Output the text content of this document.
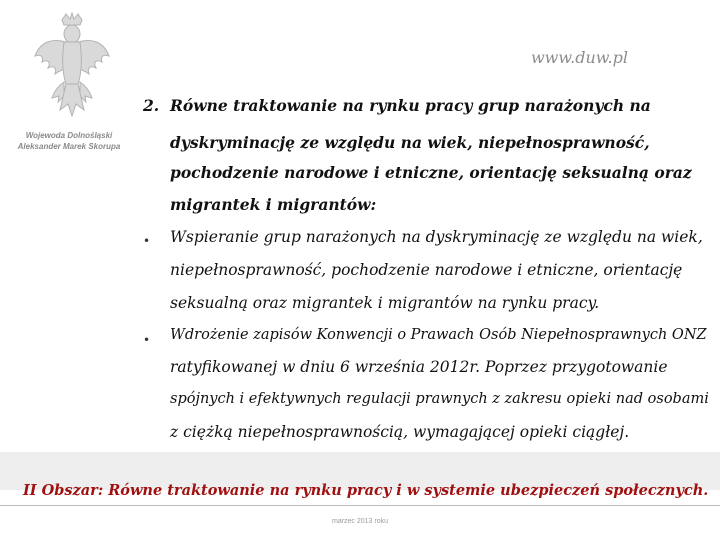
Wojewoda Dolnośląski
Aleksander Marek Skorupa
www.duw.pl
2. Równe traktowanie na rynku pracy grup narażonych na
dyskryminację ze względu na wiek, niepełnosprawność,
pochodzenie narodowe i etniczne, orientację seksualną oraz
migrantek i migrantów:
• Wspieranie grup narażonych na dyskryminację ze względu na wiek,
niepełnosprawność, pochodzenie narodowe i etniczne, orientację
seksualną oraz migrantek i migrantów na rynku pracy.
• Wdrożenie zapisów Konwencji o Prawach Osób Niepełnosprawnych ONZ
ratyfikowanej w dniu 6 września 2012r. Poprzez przygotowanie
spójnych i efektywnych regulacji prawnych z zakresu opieki nad osobami
z ciężką niepełnosprawnością, wymagającej opieki ciągłej.
II Obszar: Równe traktowanie na rynku pracy i w systemie ubezpieczeń społecznych.
marzec 2013 roku
